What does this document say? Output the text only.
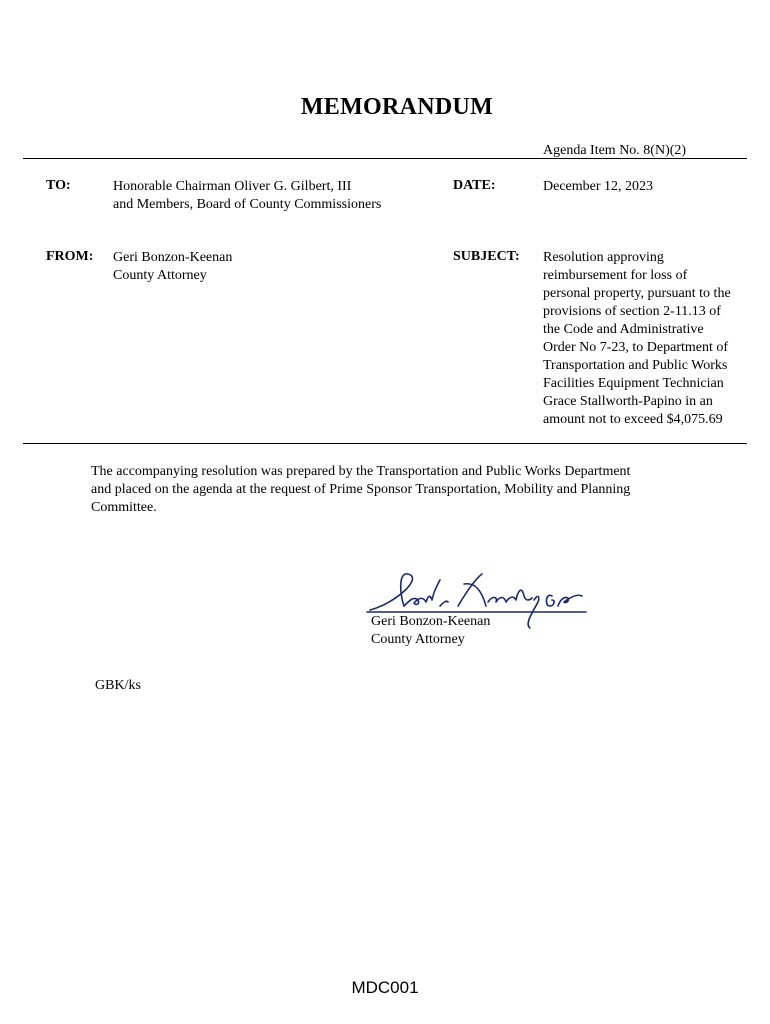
MEMORANDUM
Agenda Item No. 8(N)(2)
TO:	Honorable Chairman Oliver G. Gilbert, III
and Members, Board of County Commissioners
DATE:	December 12, 2023
FROM: Geri Bonzon-Keenan
County Attorney
SUBJECT: Resolution approving
reimbursement for loss of
personal property, pursuant to the
provisions of section 2-11.13 of
the Code and Administrative
Order No 7-23, to Department of
Transportation and Public Works
Facilities Equipment Technician
Grace Stallworth-Papino in an
amount not to exceed $4,075.69
The accompanying resolution was prepared by the Transportation and Public Works Department
and placed on the agenda at the request of Prime Sponsor Transportation, Mobility and Planning
Committee.
Geri Bonzon-Keenan
County Attorney
GBK/ks
MDC001
